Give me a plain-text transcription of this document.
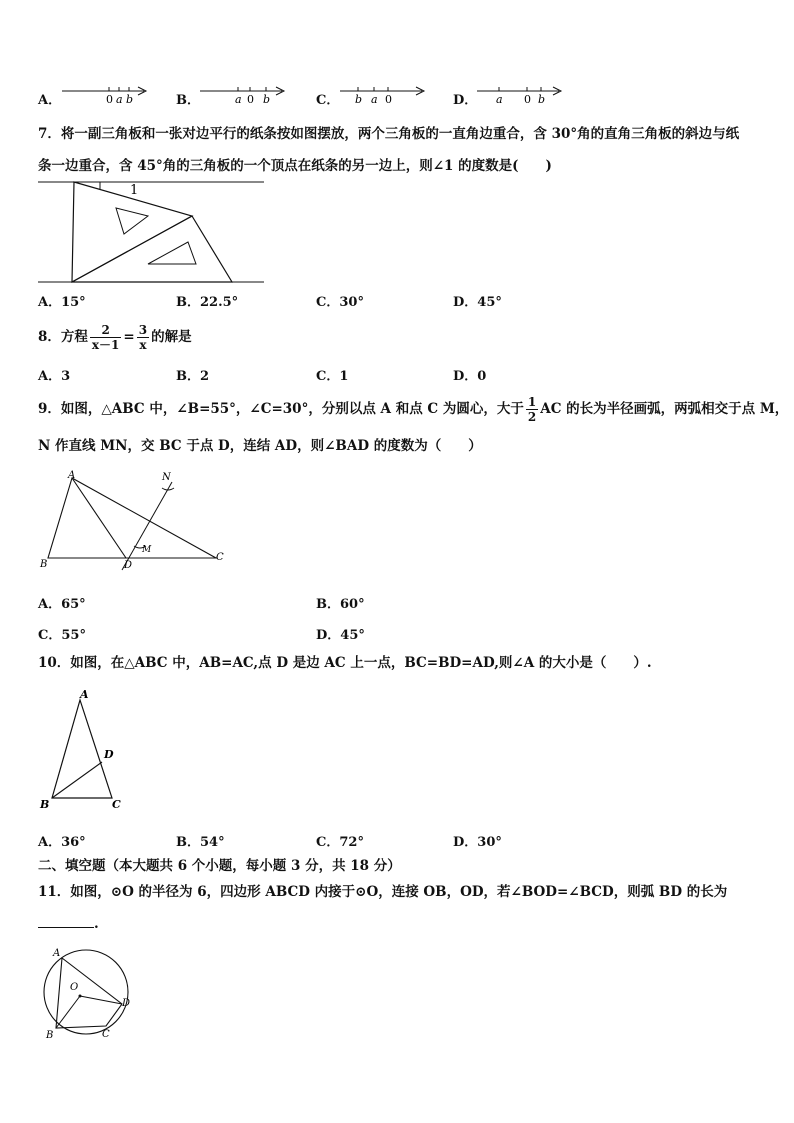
A．	0 a b	B．	a 0 b	C． b a 0	D． a 0 b
7．将一副三角板和一张对边平行的纸条按如图摆放，两个三角板的一直角边重合，含 30°角的直角三角板的斜边与纸
条一边重合，含 45°角的三角板的一个顶点在纸条的另一边上，则∠1 的度数是(　　)
1
A．15°	B．22.5°	C．30°	D．45°
8．方程 $\frac{2}{x-1} = \frac{3}{x}$ 的解是
A．3	B．2	C．1	D．0
9．如图，△ABC 中，∠B=55°，∠C=30°，分别以点 A 和点 C 为圆心，大于 $\frac{1}{2}$ AC 的长为半径画弧，两弧相交于点 M，
N 作直线 MN，交 BC 于点 D，连结 AD，则∠BAD 的度数为（　　）
A
B
C
D
M
N
A．65°	B．60°
C．55°	D．45°
10．如图，在△ABC 中，AB=AC,点 D 是边 AC 上一点，BC=BD=AD,则∠A 的大小是（　　）.
A
B	C
D
A．36°	B．54°	C．72°	D．30°
二、填空题（本大题共 6 个小题，每小题 3 分，共 18 分）
11．如图，⊙O 的半径为 6，四边形 ABCD 内接于⊙O，连接 OB，OD，若∠BOD=∠BCD，则弧 BD 的长为
.
A
B	C
D
O
